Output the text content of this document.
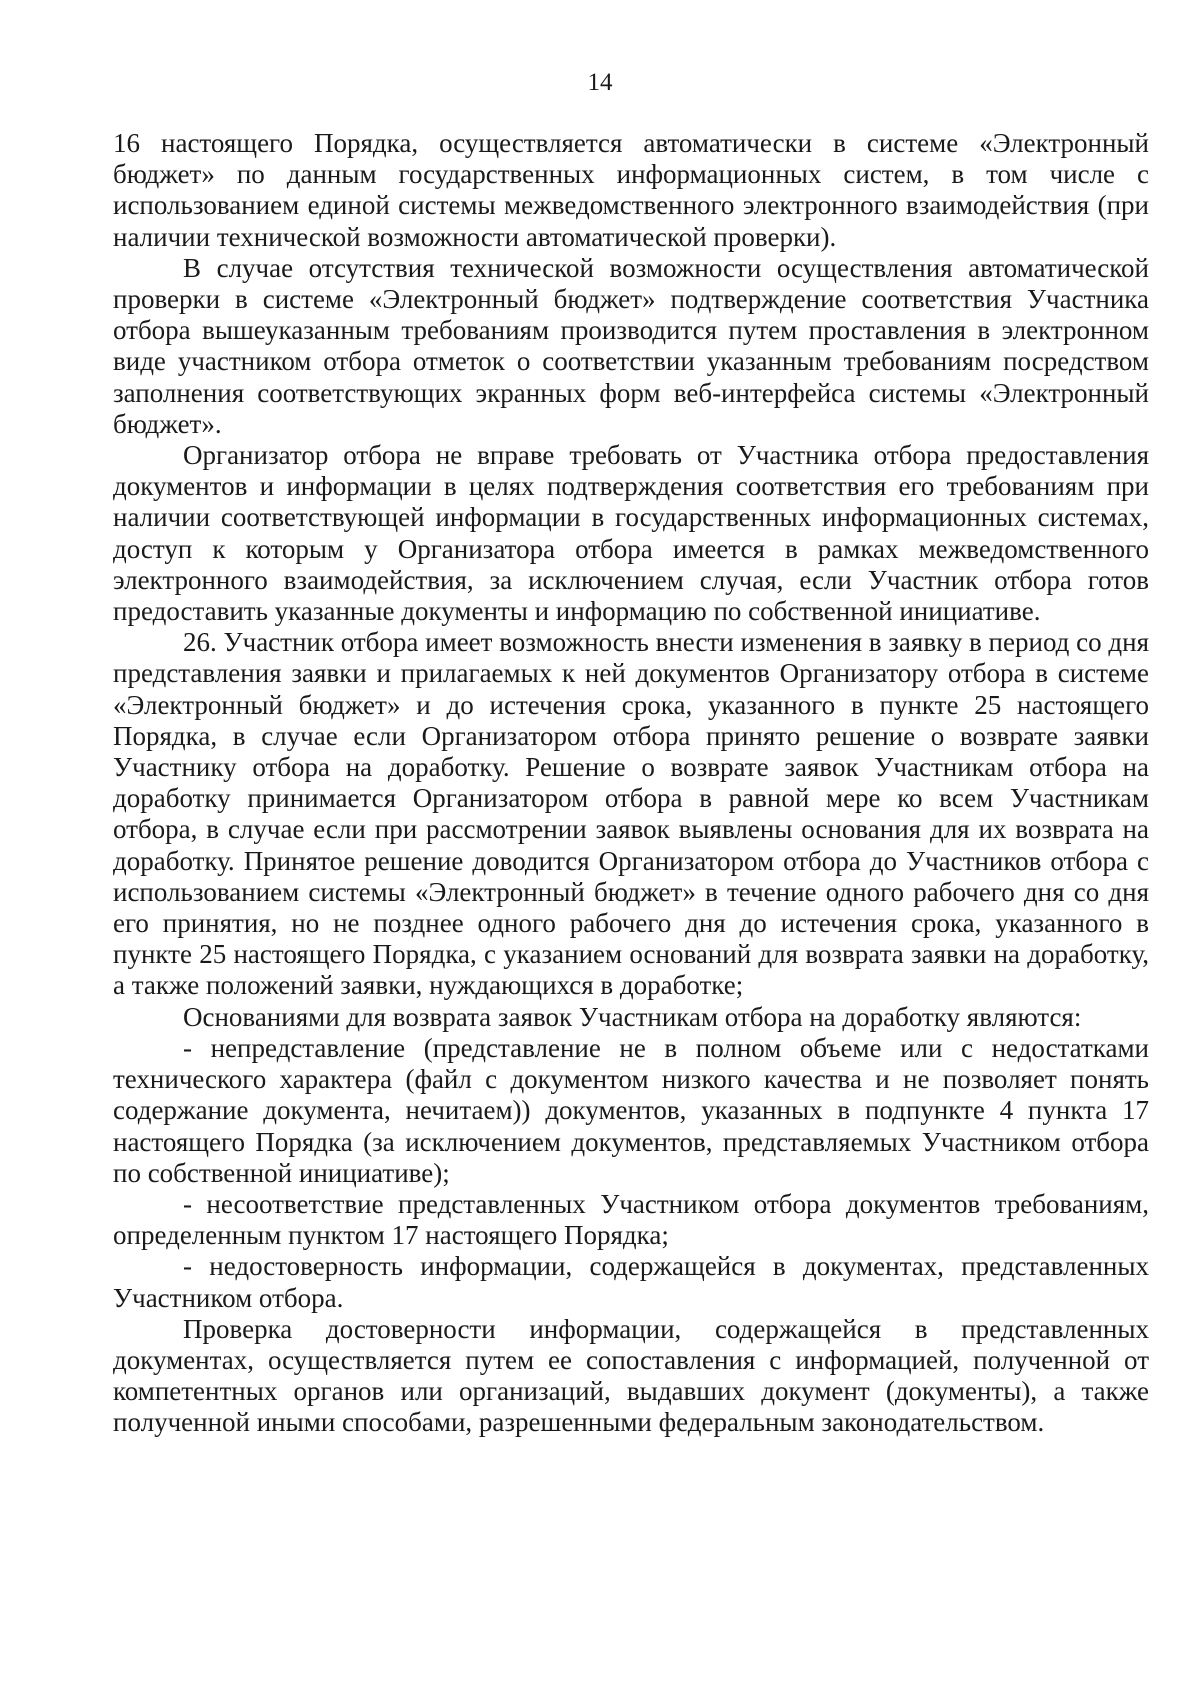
14

16 настоящего Порядка, осуществляется автоматически в системе «Электронный бюджет» по данным государственных информационных систем, в том числе с использованием единой системы межведомственного электронного взаимодействия (при наличии технической возможности автоматической проверки).

В случае отсутствия технической возможности осуществления автоматической проверки в системе «Электронный бюджет» подтверждение соответствия Участника отбора вышеуказанным требованиям производится путем проставления в электронном виде участником отбора отметок о соответствии указанным требованиям посредством заполнения соответствующих экранных форм веб-интерфейса системы «Электронный бюджет».

Организатор отбора не вправе требовать от Участника отбора предоставления документов и информации в целях подтверждения соответствия его требованиям при наличии соответствующей информации в государственных информационных системах, доступ к которым у Организатора отбора имеется в рамках межведомственного электронного взаимодействия, за исключением случая, если Участник отбора готов предоставить указанные документы и информацию по собственной инициативе.

26. Участник отбора имеет возможность внести изменения в заявку в период со дня представления заявки и прилагаемых к ней документов Организатору отбора в системе «Электронный бюджет» и до истечения срока, указанного в пункте 25 настоящего Порядка, в случае если Организатором отбора принято решение о возврате заявки Участнику отбора на доработку. Решение о возврате заявок Участникам отбора на доработку принимается Организатором отбора в равной мере ко всем Участникам отбора, в случае если при рассмотрении заявок выявлены основания для их возврата на доработку. Принятое решение доводится Организатором отбора до Участников отбора с использованием системы «Электронный бюджет» в течение одного рабочего дня со дня его принятия, но не позднее одного рабочего дня до истечения срока, указанного в пункте 25 настоящего Порядка, с указанием оснований для возврата заявки на доработку, а также положений заявки, нуждающихся в доработке;

Основаниями для возврата заявок Участникам отбора на доработку являются:

- непредставление (представление не в полном объеме или с недостатками технического характера (файл с документом низкого качества и не позволяет понять содержание документа, нечитаем)) документов, указанных в подпункте 4 пункта 17 настоящего Порядка (за исключением документов, представляемых Участником отбора по собственной инициативе);

- несоответствие представленных Участником отбора документов требованиям, определенным пунктом 17 настоящего Порядка;

- недостоверность информации, содержащейся в документах, представленных Участником отбора.

Проверка достоверности информации, содержащейся в представленных документах, осуществляется путем ее сопоставления с информацией, полученной от компетентных органов или организаций, выдавших документ (документы), а также полученной иными способами, разрешенными федеральным законодательством.
